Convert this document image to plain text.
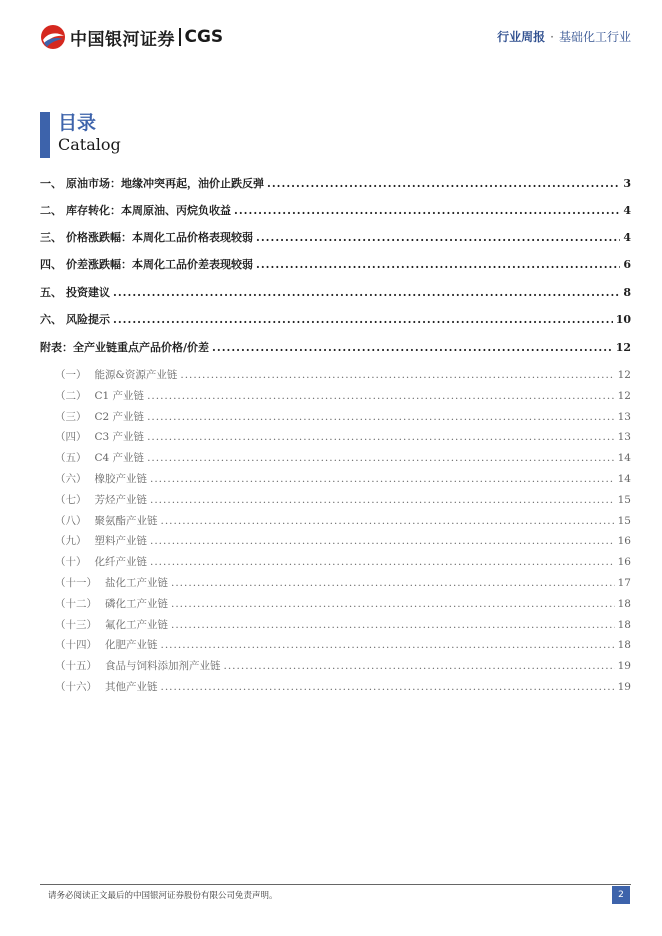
中国银河证券 CGS	行业周报 · 基础化工行业
目录
Catalog
一、 原油市场：地缘冲突再起，油价止跌反弹 .....	3
二、 库存转化：本周原油、丙烷负收益 .....	4
三、 价格涨跌幅：本周化工品价格表现较弱 .....	4
四、 价差涨跌幅：本周化工品价差表现较弱 .....	6
五、 投资建议 .....	8
六、 风险提示 .....	10
附表：全产业链重点产品价格/价差 .....	12
（一） 能源&资源产业链 .....	12
（二） C1 产业链 .....	12
（三） C2 产业链 .....	13
（四） C3 产业链 .....	13
（五） C4 产业链 .....	14
（六） 橡胶产业链 .....	14
（七） 芳烃产业链 .....	15
（八） 聚氨酯产业链 .....	15
（九） 塑料产业链 .....	16
（十） 化纤产业链 .....	16
（十一） 盐化工产业链 .....	17
（十二） 磷化工产业链 .....	18
（十三） 氟化工产业链 .....	18
（十四） 化肥产业链 .....	18
（十五） 食品与饲料添加剂产业链 .....	19
（十六） 其他产业链 .....	19
请务必阅读正文最后的中国银河证券股份有限公司免责声明。	2
